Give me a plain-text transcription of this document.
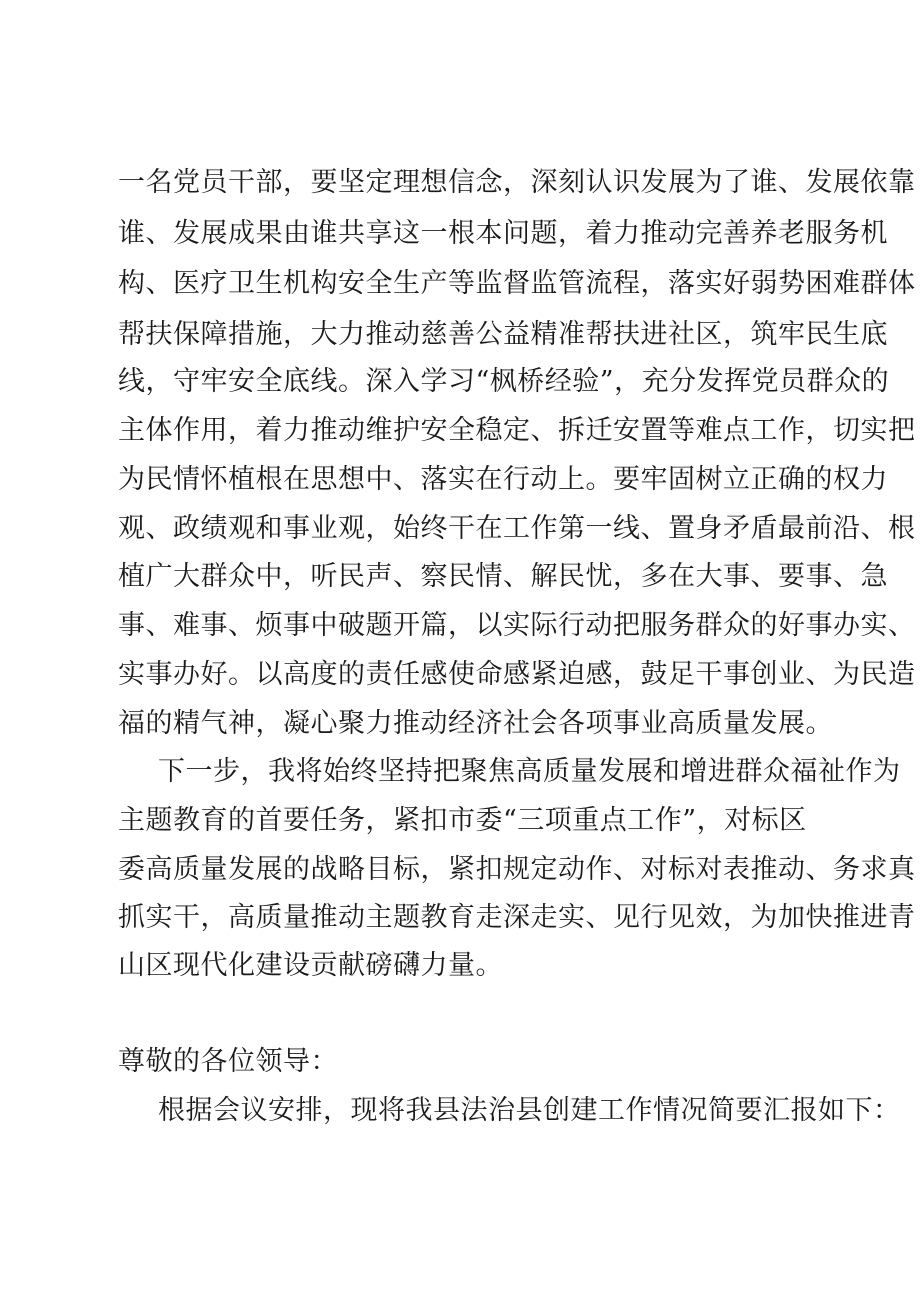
一名党员干部，要坚定理想信念，深刻认识发展为了谁、发展依靠
谁、发展成果由谁共享这一根本问题，着力推动完善养老服务机
构、医疗卫生机构安全生产等监督监管流程，落实好弱势困难群体
帮扶保障措施，大力推动慈善公益精准帮扶进社区，筑牢民生底
线，守牢安全底线。深入学习“枫桥经验”，充分发挥党员群众的
主体作用，着力推动维护安全稳定、拆迁安置等难点工作，切实把
为民情怀植根在思想中、落实在行动上。要牢固树立正确的权力
观、政绩观和事业观，始终干在工作第一线、置身矛盾最前沿、根
植广大群众中，听民声、察民情、解民忧，多在大事、要事、急
事、难事、烦事中破题开篇，以实际行动把服务群众的好事办实、
实事办好。以高度的责任感使命感紧迫感，鼓足干事创业、为民造
福的精气神，凝心聚力推动经济社会各项事业高质量发展。
下一步，我将始终坚持把聚焦高质量发展和增进群众福祉作为
主题教育的首要任务，紧扣市委“三项重点工作”，对标区
委高质量发展的战略目标，紧扣规定动作、对标对表推动、务求真
抓实干，高质量推动主题教育走深走实、见行见效，为加快推进青
山区现代化建设贡献磅礴力量。
尊敬的各位领导：
根据会议安排，现将我县法治县创建工作情况简要汇报如下：
